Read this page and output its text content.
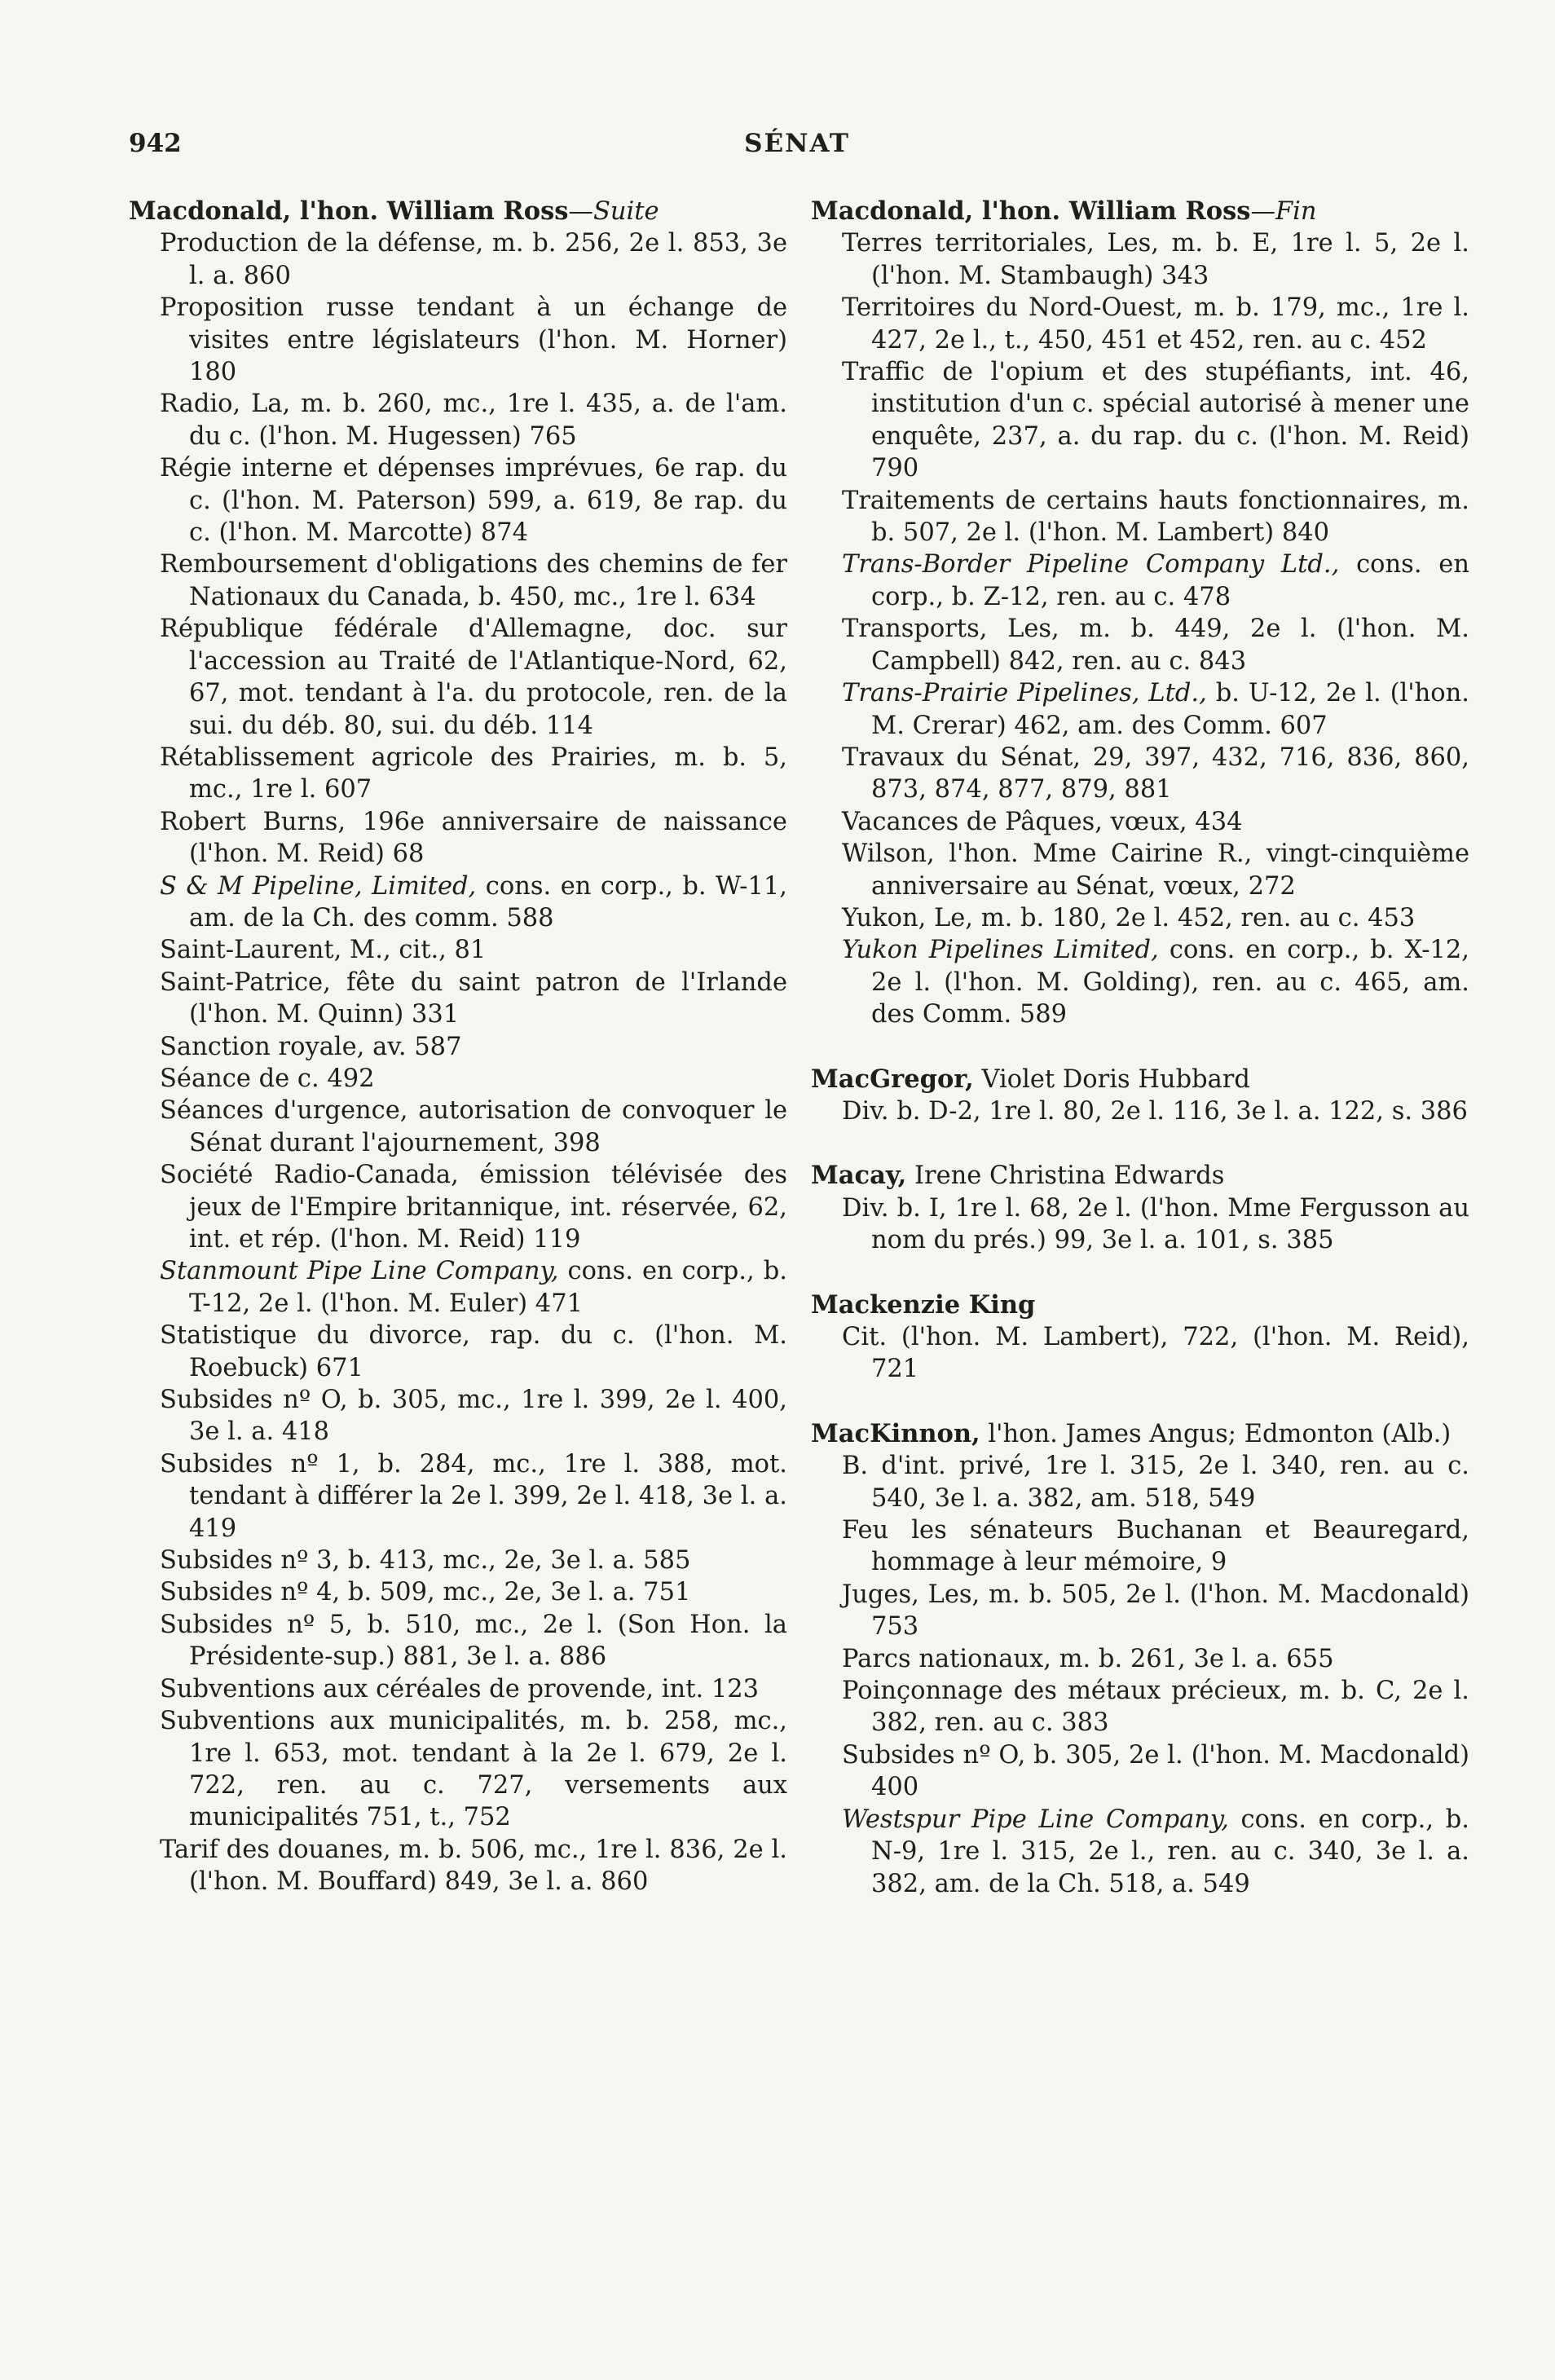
942	SÉNAT
Macdonald, l'hon. William Ross—Suite
Production de la défense, m. b. 256, 2e l. 853, 3e l. a. 860
Proposition russe tendant à un échange de visites entre législateurs (l'hon. M. Horner) 180
Radio, La, m. b. 260, mc., 1re l. 435, a. de l'am. du c. (l'hon. M. Hugessen) 765
Régie interne et dépenses imprévues, 6e rap. du c. (l'hon. M. Paterson) 599, a. 619, 8e rap. du c. (l'hon. M. Marcotte) 874
Remboursement d'obligations des chemins de fer Nationaux du Canada, b. 450, mc., 1re l. 634
République fédérale d'Allemagne, doc. sur l'accession au Traité de l'Atlantique-Nord, 62, 67, mot. tendant à l'a. du protocole, ren. de la sui. du déb. 80, sui. du déb. 114
Rétablissement agricole des Prairies, m. b. 5, mc., 1re l. 607
Robert Burns, 196e anniversaire de naissance (l'hon. M. Reid) 68
S & M Pipeline, Limited, cons. en corp., b. W-11, am. de la Ch. des comm. 588
Saint-Laurent, M., cit., 81
Saint-Patrice, fête du saint patron de l'Irlande (l'hon. M. Quinn) 331
Sanction royale, av. 587
Séance de c. 492
Séances d'urgence, autorisation de convoquer le Sénat durant l'ajournement, 398
Société Radio-Canada, émission télévisée des jeux de l'Empire britannique, int. réservée, 62, int. et rép. (l'hon. M. Reid) 119
Stanmount Pipe Line Company, cons. en corp., b. T-12, 2e l. (l'hon. M. Euler) 471
Statistique du divorce, rap. du c. (l'hon. M. Roebuck) 671
Subsides nº O, b. 305, mc., 1re l. 399, 2e l. 400, 3e l. a. 418
Subsides nº 1, b. 284, mc., 1re l. 388, mot. tendant à différer la 2e l. 399, 2e l. 418, 3e l. a. 419
Subsides nº 3, b. 413, mc., 2e, 3e l. a. 585
Subsides nº 4, b. 509, mc., 2e, 3e l. a. 751
Subsides nº 5, b. 510, mc., 2e l. (Son Hon. la Présidente-sup.) 881, 3e l. a. 886
Subventions aux céréales de provende, int. 123
Subventions aux municipalités, m. b. 258, mc., 1re l. 653, mot. tendant à la 2e l. 679, 2e l. 722, ren. au c. 727, versements aux municipalités 751, t., 752
Tarif des douanes, m. b. 506, mc., 1re l. 836, 2e l. (l'hon. M. Bouffard) 849, 3e l. a. 860
Macdonald, l'hon. William Ross—Fin
Terres territoriales, Les, m. b. E, 1re l. 5, 2e l. (l'hon. M. Stambaugh) 343
Territoires du Nord-Ouest, m. b. 179, mc., 1re l. 427, 2e l., t., 450, 451 et 452, ren. au c. 452
Traffic de l'opium et des stupéfiants, int. 46, institution d'un c. spécial autorisé à mener une enquête, 237, a. du rap. du c. (l'hon. M. Reid) 790
Traitements de certains hauts fonctionnaires, m. b. 507, 2e l. (l'hon. M. Lambert) 840
Trans-Border Pipeline Company Ltd., cons. en corp., b. Z-12, ren. au c. 478
Transports, Les, m. b. 449, 2e l. (l'hon. M. Campbell) 842, ren. au c. 843
Trans-Prairie Pipelines, Ltd., b. U-12, 2e l. (l'hon. M. Crerar) 462, am. des Comm. 607
Travaux du Sénat, 29, 397, 432, 716, 836, 860, 873, 874, 877, 879, 881
Vacances de Pâques, vœux, 434
Wilson, l'hon. Mme Cairine R., vingt-cinquième anniversaire au Sénat, vœux, 272
Yukon, Le, m. b. 180, 2e l. 452, ren. au c. 453
Yukon Pipelines Limited, cons. en corp., b. X-12, 2e l. (l'hon. M. Golding), ren. au c. 465, am. des Comm. 589
MacGregor, Violet Doris Hubbard
Div. b. D-2, 1re l. 80, 2e l. 116, 3e l. a. 122, s. 386
Macay, Irene Christina Edwards
Div. b. I, 1re l. 68, 2e l. (l'hon. Mme Fergusson au nom du prés.) 99, 3e l. a. 101, s. 385
Mackenzie King
Cit. (l'hon. M. Lambert), 722, (l'hon. M. Reid), 721
MacKinnon, l'hon. James Angus; Edmonton (Alb.)
B. d'int. privé, 1re l. 315, 2e l. 340, ren. au c. 540, 3e l. a. 382, am. 518, 549
Feu les sénateurs Buchanan et Beauregard, hommage à leur mémoire, 9
Juges, Les, m. b. 505, 2e l. (l'hon. M. Macdonald) 753
Parcs nationaux, m. b. 261, 3e l. a. 655
Poinçonnage des métaux précieux, m. b. C, 2e l. 382, ren. au c. 383
Subsides nº O, b. 305, 2e l. (l'hon. M. Macdonald) 400
Westspur Pipe Line Company, cons. en corp., b. N-9, 1re l. 315, 2e l., ren. au c. 340, 3e l. a. 382, am. de la Ch. 518, a. 549
